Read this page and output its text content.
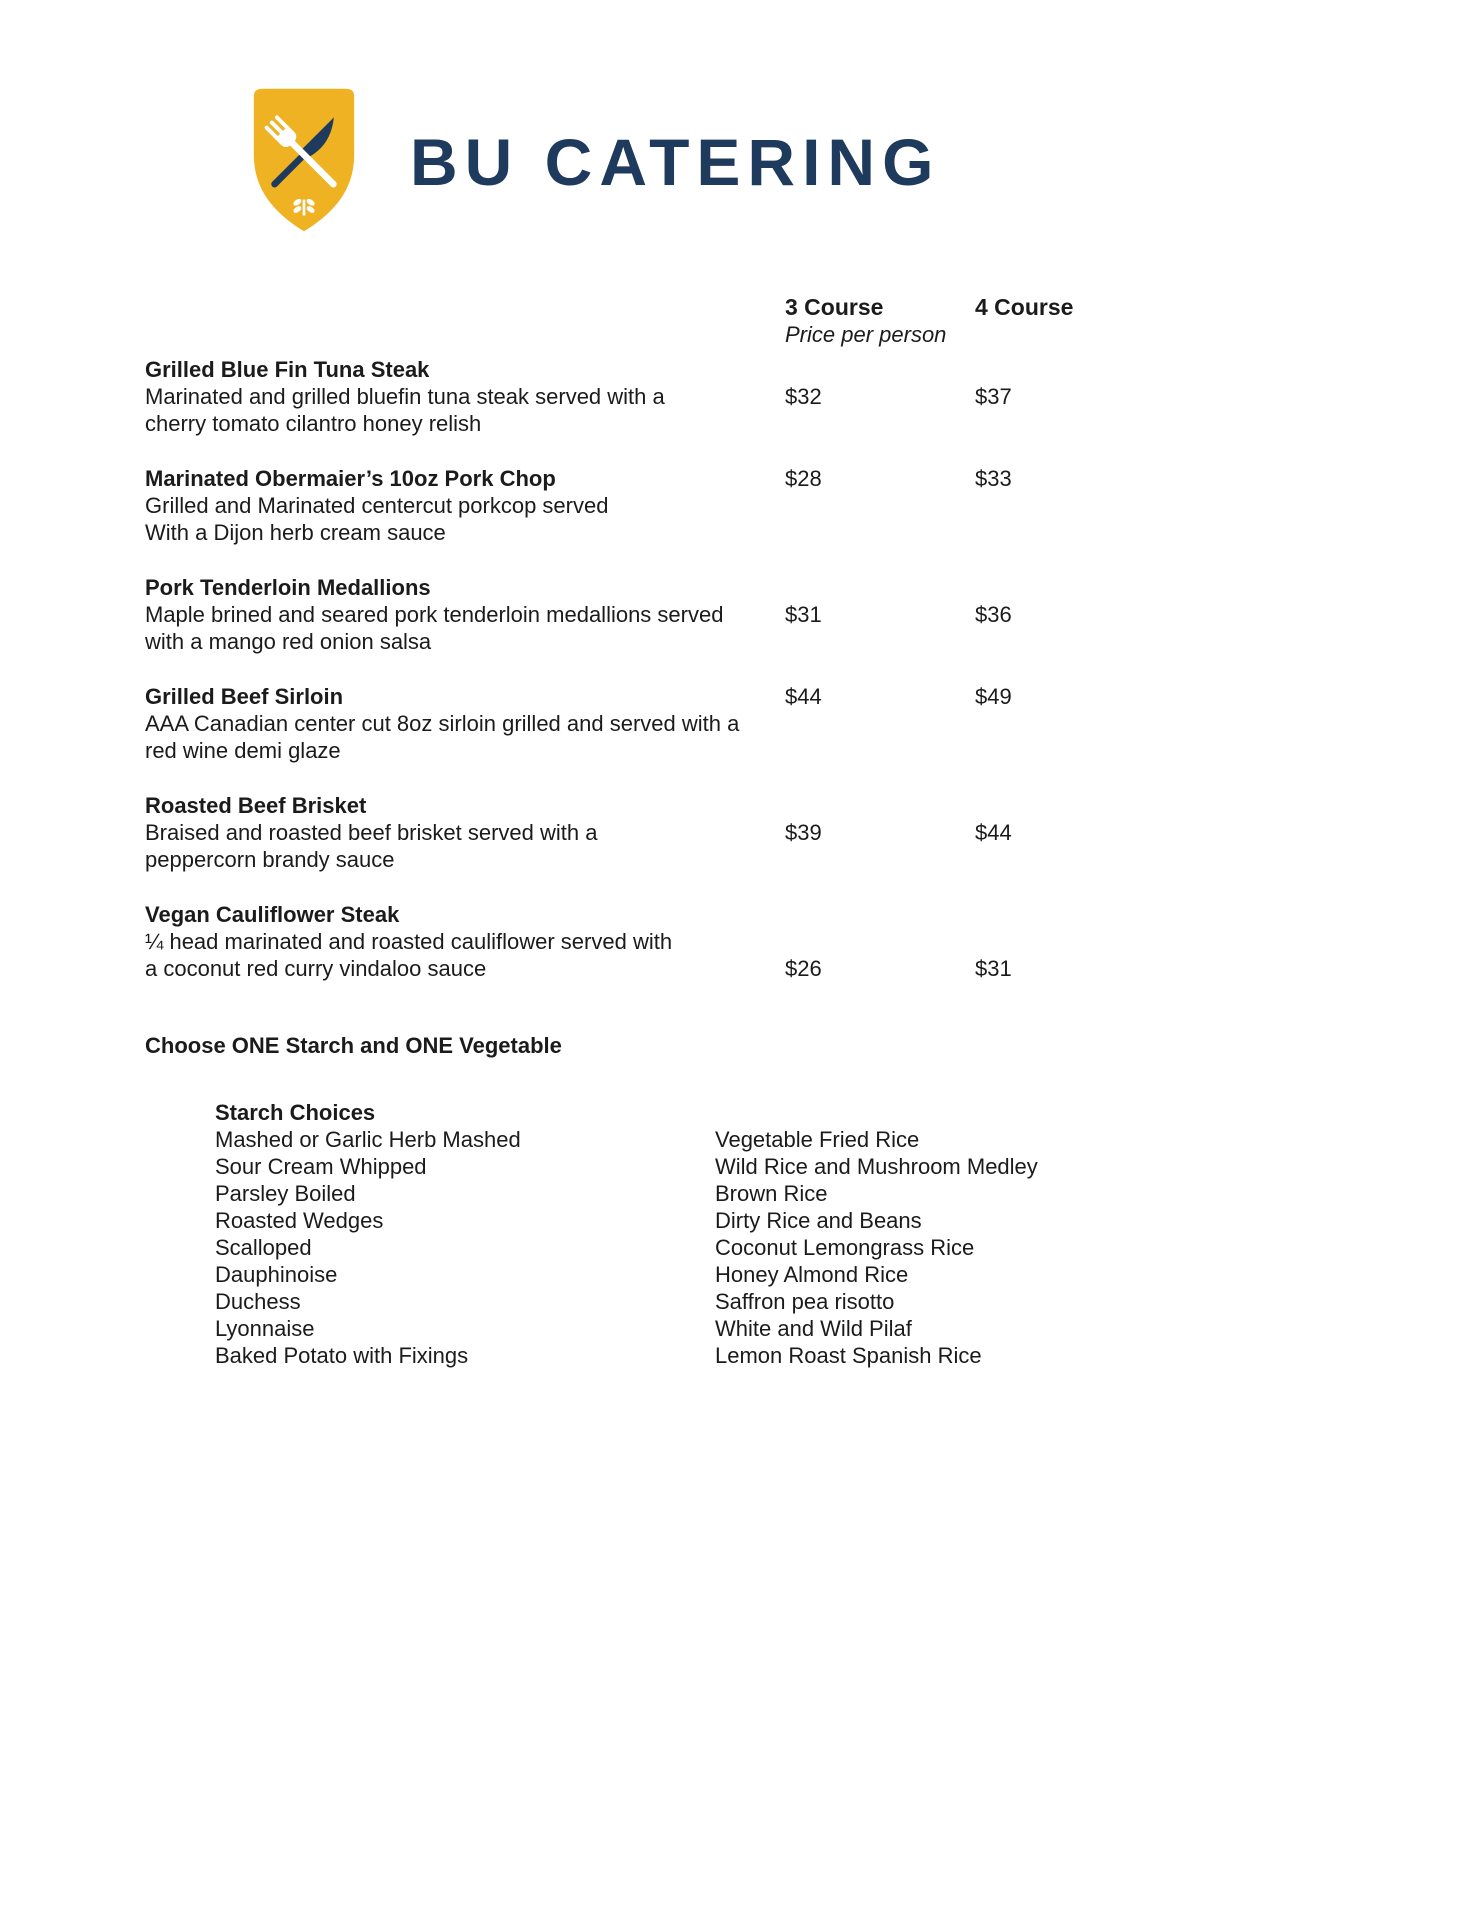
BU CATERING
3 Course	4 Course
Price per person
Grilled Blue Fin Tuna Steak
Marinated and grilled bluefin tuna steak served with a	$32	$37
cherry tomato cilantro honey relish
Marinated Obermaier’s 10oz Pork Chop	$28	$33
Grilled and Marinated centercut porkcop served
With a Dijon herb cream sauce
Pork Tenderloin Medallions
Maple brined and seared pork tenderloin medallions served	$31	$36
with a mango red onion salsa
Grilled Beef Sirloin	$44	$49
AAA Canadian center cut 8oz sirloin grilled and served with a
red wine demi glaze
Roasted Beef Brisket
Braised and roasted beef brisket served with a	$39	$44
peppercorn brandy sauce
Vegan Cauliflower Steak
¼ head marinated and roasted cauliflower served with
a coconut red curry vindaloo sauce	$26	$31
Choose ONE Starch and ONE Vegetable
Starch Choices
Mashed or Garlic Herb Mashed	Vegetable Fried Rice
Sour Cream Whipped	Wild Rice and Mushroom Medley
Parsley Boiled	Brown Rice
Roasted Wedges	Dirty Rice and Beans
Scalloped	Coconut Lemongrass Rice
Dauphinoise	Honey Almond Rice
Duchess	Saffron pea risotto
Lyonnaise	White and Wild Pilaf
Baked Potato with Fixings	Lemon Roast Spanish Rice
